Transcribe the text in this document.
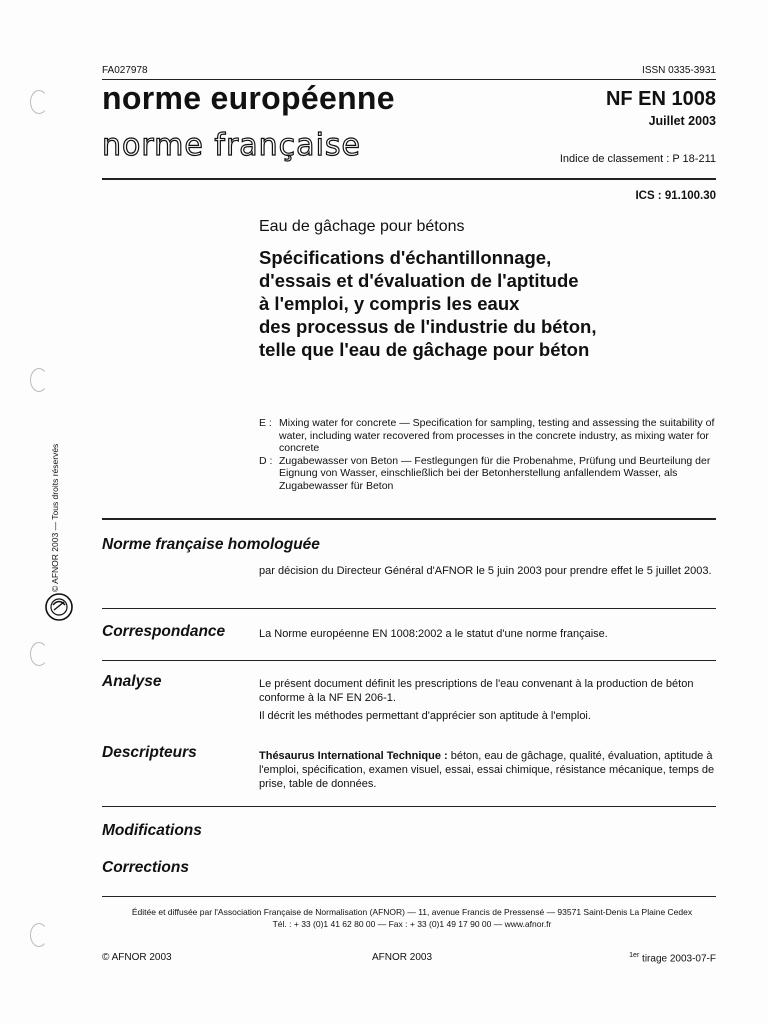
FA027978	ISSN 0335-3931
norme européenne
norme française
NF EN 1008
Juillet 2003
Indice de classement : P 18-211
ICS : 91.100.30
Eau de gâchage pour bétons
Spécifications d'échantillonnage,
d'essais et d'évaluation de l'aptitude
à l'emploi, y compris les eaux
des processus de l'industrie du béton,
telle que l'eau de gâchage pour béton
E : Mixing water for concrete — Specification for sampling, testing and assessing the suitability of water, including water recovered from processes in the concrete industry, as mixing water for concrete
D : Zugabewasser von Beton — Festlegungen für die Probenahme, Prüfung und Beurteilung der Eignung von Wasser, einschließlich bei der Betonherstellung anfallendem Wasser, als Zugabewasser für Beton
Norme française homologuée

par décision du Directeur Général d'AFNOR le 5 juin 2003 pour prendre effet le 5 juillet 2003.

Correspondance	La Norme européenne EN 1008:2002 a le statut d'une norme française.

Analyse	Le présent document définit les prescriptions de l'eau convenant à la production de béton conforme à la NF EN 206-1.

Il décrit les méthodes permettant d'apprécier son aptitude à l'emploi.

Descripteurs	Thésaurus International Technique : béton, eau de gâchage, qualité, évaluation, aptitude à l'emploi, spécification, examen visuel, essai, essai chimique, résistance mécanique, temps de prise, table de données.

Modifications
Corrections
Éditée et diffusée par l'Association Française de Normalisation (AFNOR) — 11, avenue Francis de Pressensé — 93571 Saint-Denis La Plaine Cedex
Tél. : + 33 (0)1 41 62 80 00 — Fax : + 33 (0)1 49 17 90 00 — www.afnor.fr
© AFNOR 2003	AFNOR 2003	$^{1er}$ tirage 2003-07-F
© AFNOR 2003 — Tous droits réservés
